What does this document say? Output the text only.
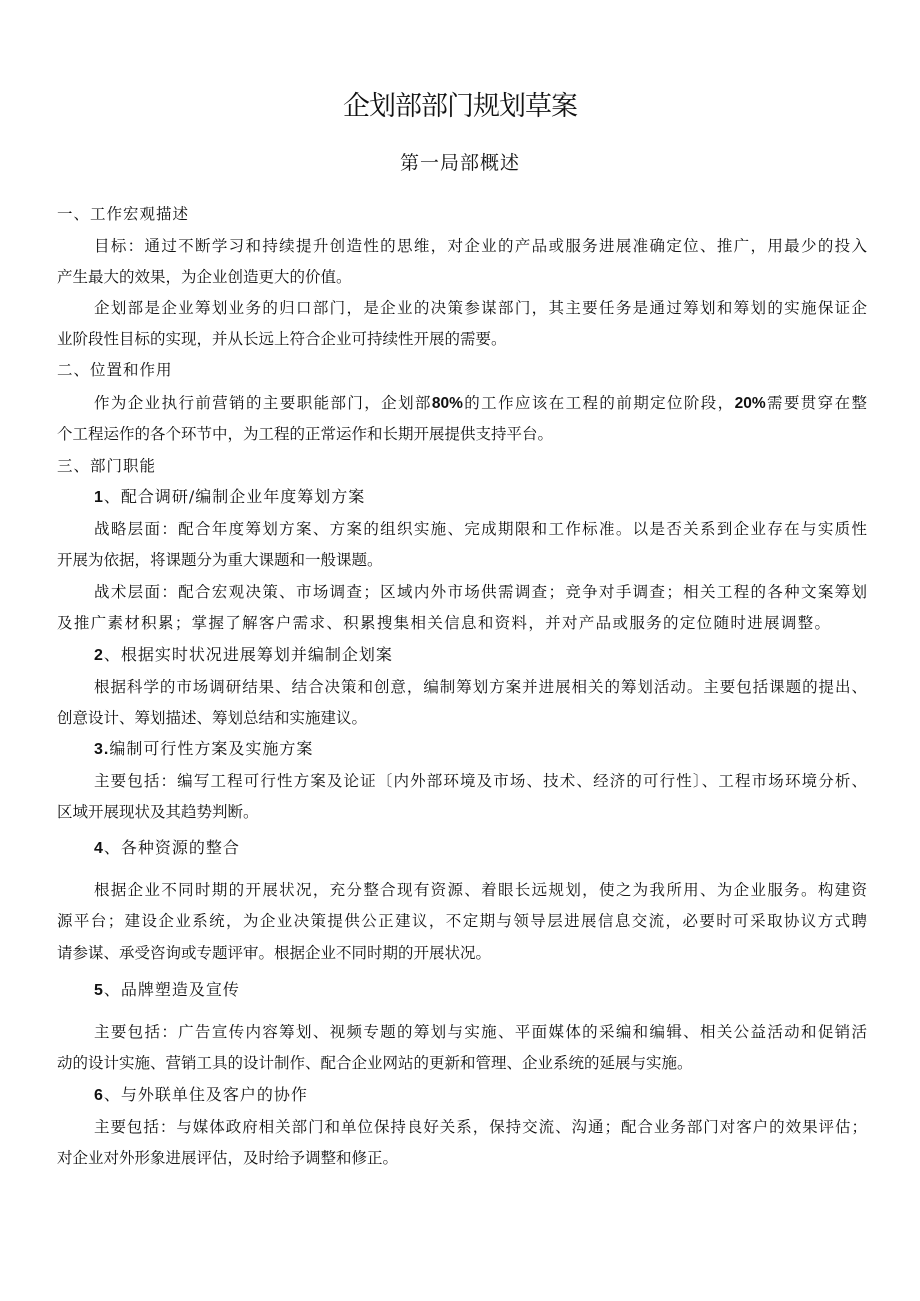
企划部部门规划草案
第一局部概述
一、工作宏观描述
目标：通过不断学习和持续提升创造性的思维，对企业的产品或服务进展准确定位、推广，用最少的投入
产生最大的效果，为企业创造更大的价值。
企划部是企业筹划业务的归口部门，是企业的决策参谋部门，其主要任务是通过筹划和筹划的实施保证企
业阶段性目标的实现，并从长远上符合企业可持续性开展的需要。
二、位置和作用
作为企业执行前营销的主要职能部门，企划部80%的工作应该在工程的前期定位阶段，20%需要贯穿在整
个工程运作的各个环节中，为工程的正常运作和长期开展提供支持平台。
三、部门职能
1、配合调研/编制企业年度筹划方案
战略层面：配合年度筹划方案、方案的组织实施、完成期限和工作标准。以是否关系到企业存在与实质性
开展为依据，将课题分为重大课题和一般课题。
战术层面：配合宏观决策、市场调查；区域内外市场供需调查；竞争对手调查；相关工程的各种文案筹划
及推广素材积累；掌握了解客户需求、积累搜集相关信息和资料，并对产品或服务的定位随时进展调整。
2、根据实时状况进展筹划并编制企划案
根据科学的市场调研结果、结合决策和创意，编制筹划方案并进展相关的筹划活动。主要包括课题的提出、
创意设计、筹划描述、筹划总结和实施建议。
3.编制可行性方案及实施方案
主要包括：编写工程可行性方案及论证〔内外部环境及市场、技术、经济的可行性〕、工程市场环境分析、
区域开展现状及其趋势判断。
4、各种资源的整合
根据企业不同时期的开展状况，充分整合现有资源、着眼长远规划，使之为我所用、为企业服务。构建资
源平台；建设企业系统，为企业决策提供公正建议，不定期与领导层进展信息交流，必要时可采取协议方式聘
请参谋、承受咨询或专题评审。根据企业不同时期的开展状况。
5、品牌塑造及宣传
主要包括：广告宣传内容筹划、视频专题的筹划与实施、平面媒体的采编和编辑、相关公益活动和促销活
动的设计实施、营销工具的设计制作、配合企业网站的更新和管理、企业系统的延展与实施。
6、与外联单住及客户的协作
主要包括：与媒体政府相关部门和单位保持良好关系，保持交流、沟通；配合业务部门对客户的效果评估；
对企业对外形象进展评估，及时给予调整和修正。
